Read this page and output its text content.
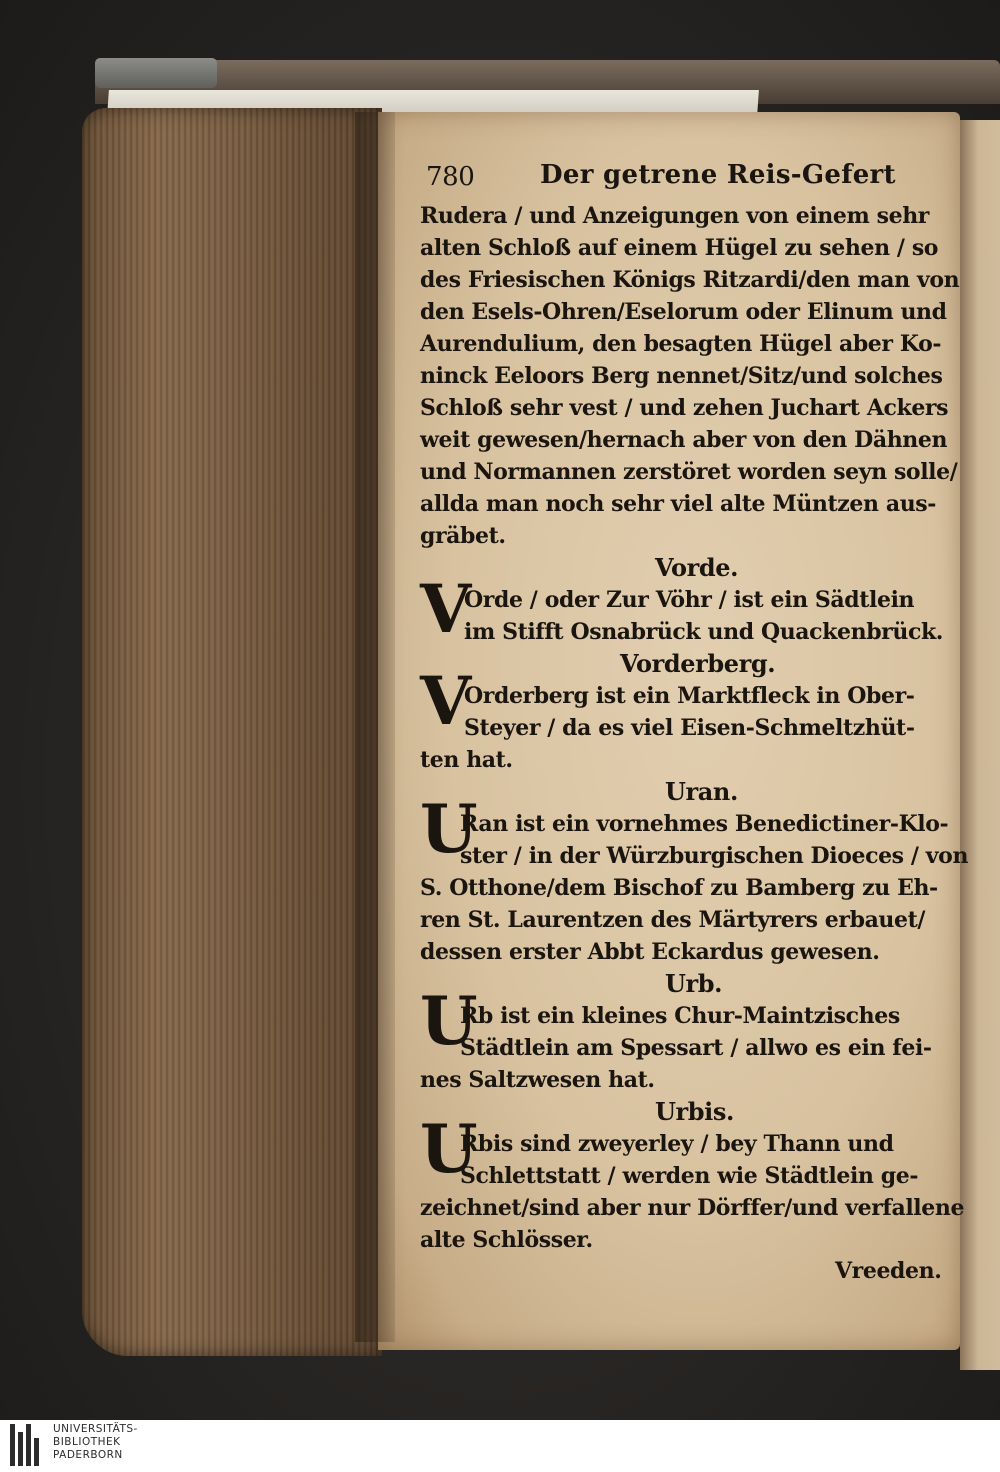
780	Der getrene Reis-Gefert
Rudera / und Anzeigungen von einem sehr
alten Schloß auf einem Hügel zu sehen / so
des Friesischen Königs Ritzardi/den man von
den Esels-Ohren/Eselorum oder Elinum und
Aurendulium, den besagten Hügel aber Ko-
ninck Eeloors Berg nennet/Sitz/und solches
Schloß sehr vest / und zehen Juchart Ackers
weit gewesen/hernach aber von den Dähnen
und Normannen zerstöret worden seyn solle/
allda man noch sehr viel alte Müntzen aus-
gräbet.
Vorde.
V
Orde / oder Zur Vöhr / ist ein Sädtlein
im Stifft Osnabrück und Quackenbrück.
Vorderberg.
V
Orderberg ist ein Marktfleck in Ober-
Steyer / da es viel Eisen-Schmeltzhüt-
ten hat.
Uran.
U
Ran ist ein vornehmes Benedictiner-Klo-
ster / in der Würzburgischen Dioeces / von
S. Otthone/dem Bischof zu Bamberg zu Eh-
ren St. Laurentzen des Märtyrers erbauet/
dessen erster Abbt Eckardus gewesen.
Urb.
U
Rb ist ein kleines Chur-Maintzisches
Städtlein am Spessart / allwo es ein fei-
nes Saltzwesen hat.
Urbis.
U
Rbis sind zweyerley / bey Thann und
Schlettstatt / werden wie Städtlein ge-
zeichnet/sind aber nur Dörffer/und verfallene
alte Schlösser.
Vreeden.
UNIVERSITÄTS-
BIBLIOTHEK
PADERBORN
